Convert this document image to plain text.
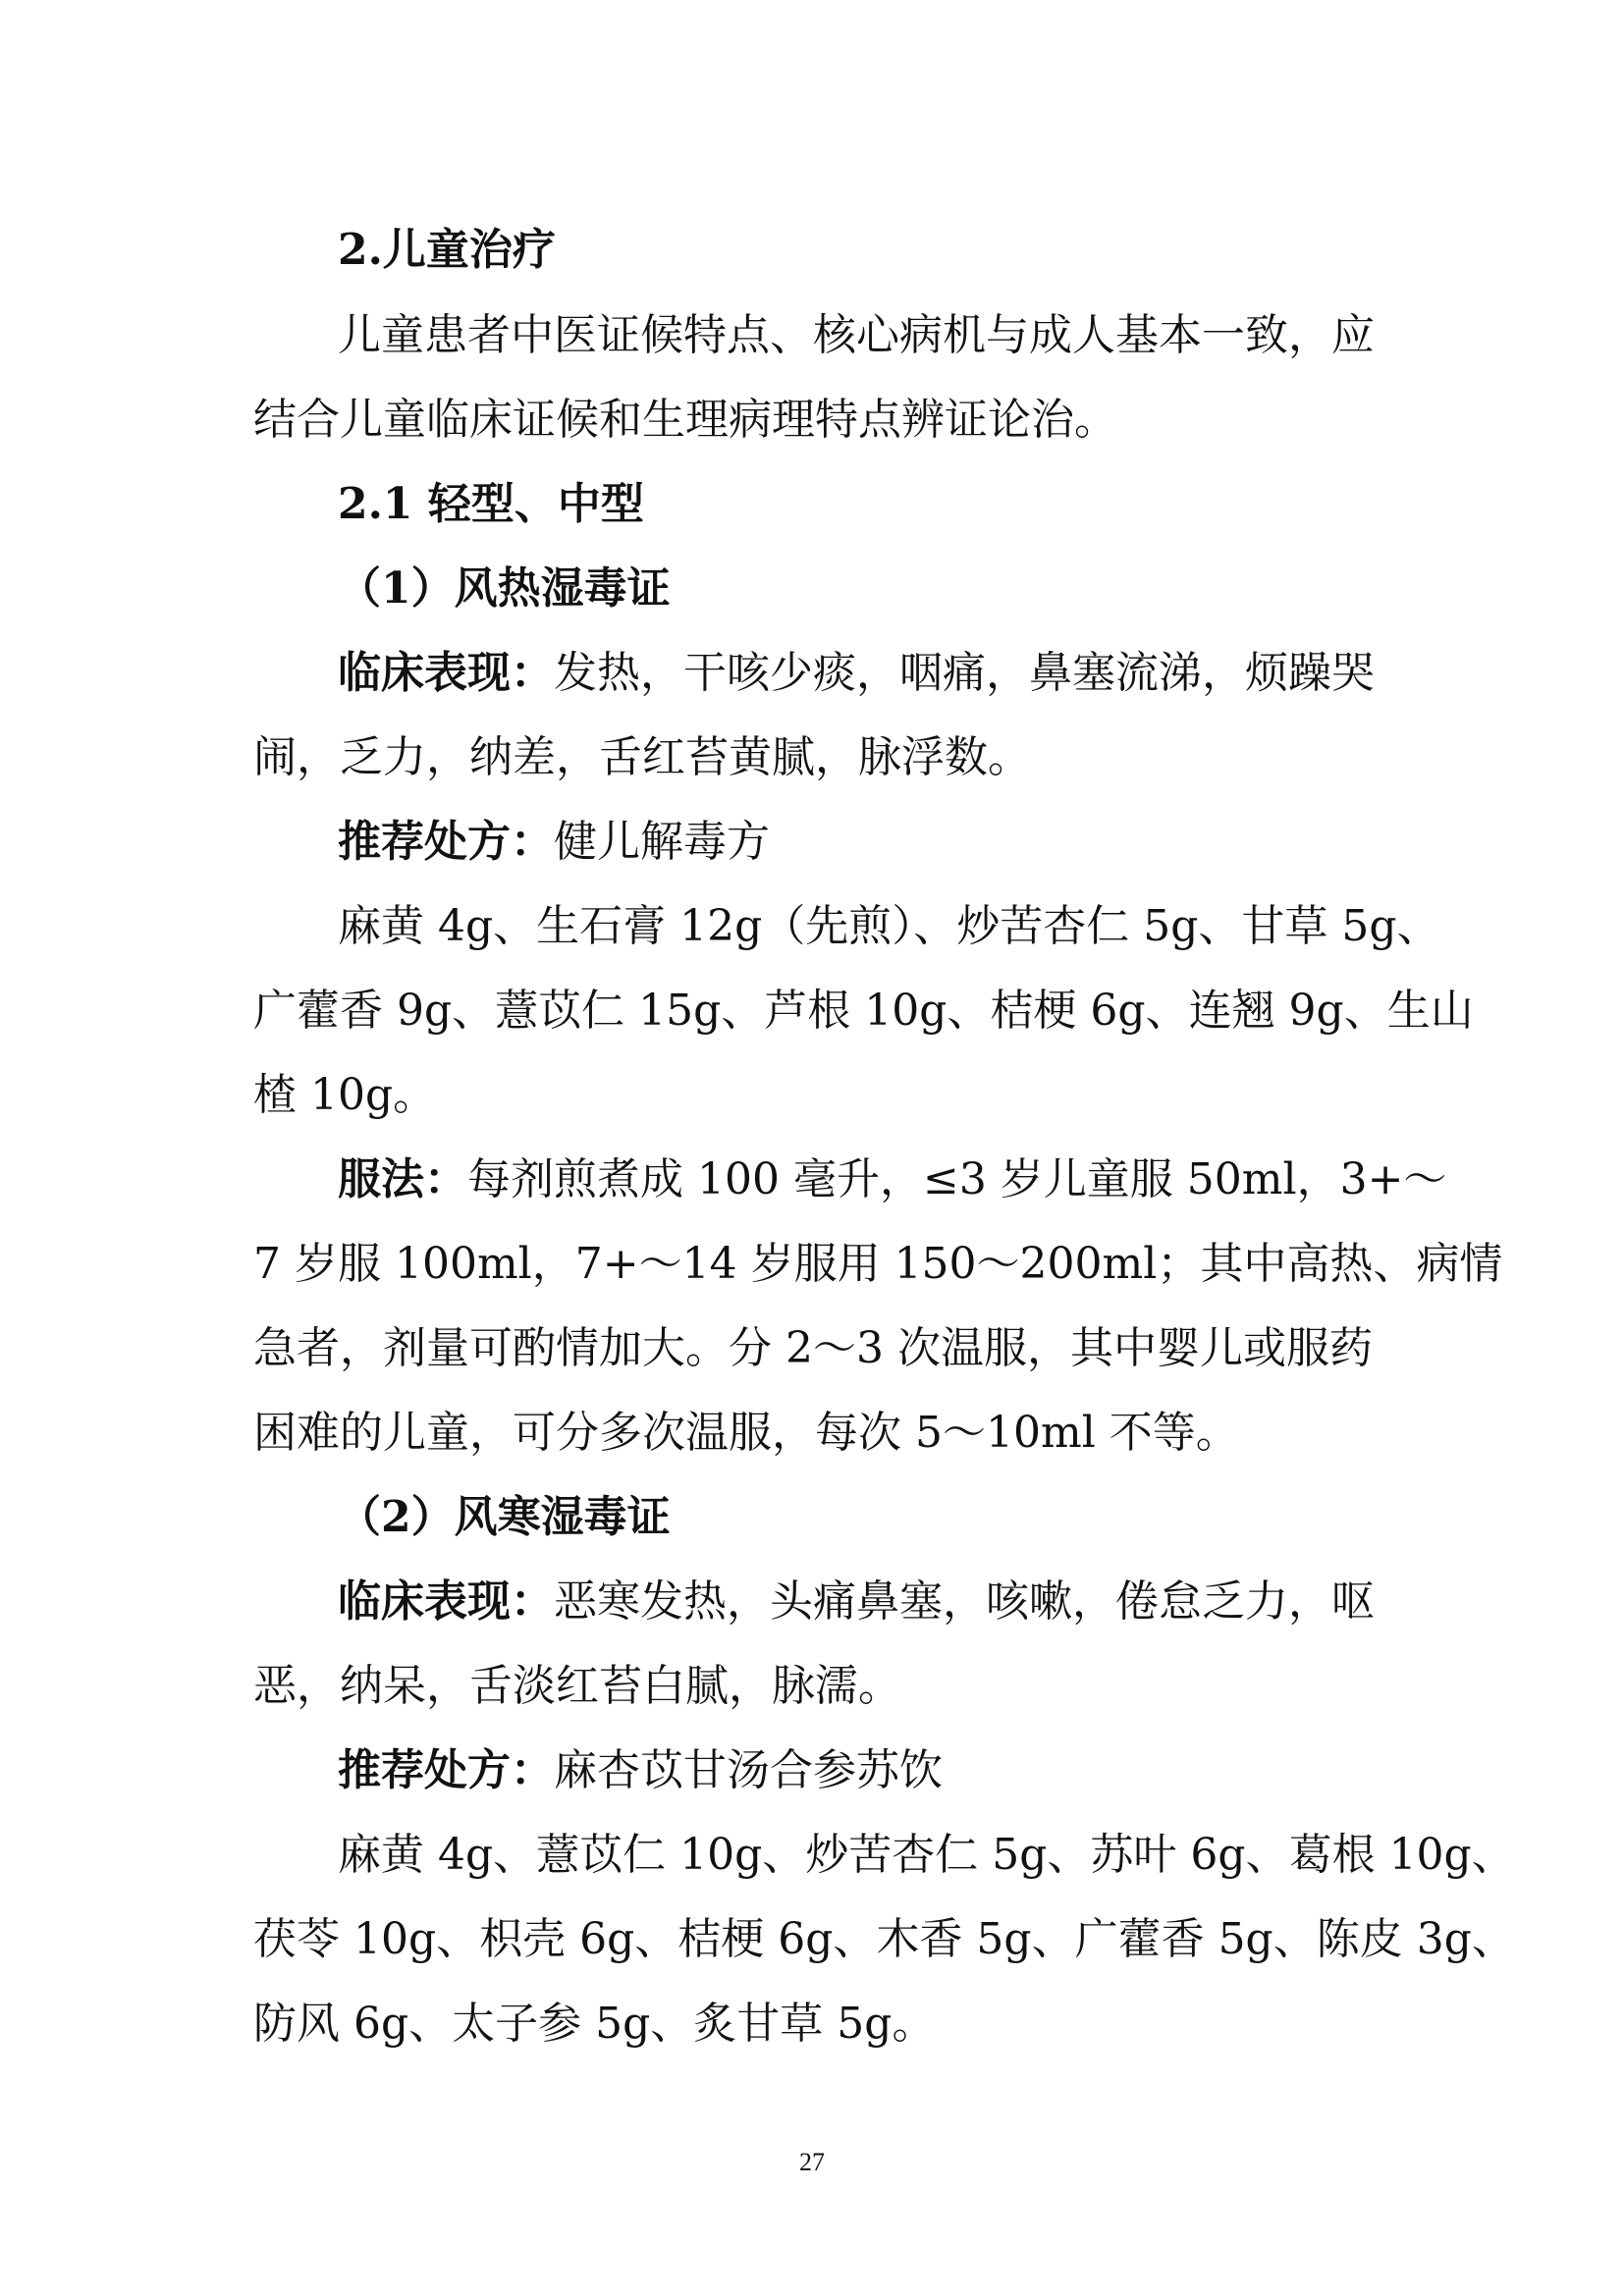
2.儿童治疗
儿童患者中医证候特点、核心病机与成人基本一致，应
结合儿童临床证候和生理病理特点辨证论治。
2.1 轻型、中型
（1）风热湿毒证
临床表现：发热，干咳少痰，咽痛，鼻塞流涕，烦躁哭
闹，乏力，纳差，舌红苔黄腻，脉浮数。
推荐处方：健儿解毒方
麻黄 4g、生石膏 12g（先煎）、炒苦杏仁 5g、甘草 5g、
广藿香 9g、薏苡仁 15g、芦根 10g、桔梗 6g、连翘 9g、生山
楂 10g。
服法：每剂煎煮成 100 毫升，≤3 岁儿童服 50ml，3+～
7 岁服 100ml，7+～14 岁服用 150～200ml；其中高热、病情
急者，剂量可酌情加大。分 2～3 次温服，其中婴儿或服药
困难的儿童，可分多次温服，每次 5～10ml 不等。
（2）风寒湿毒证
临床表现：恶寒发热，头痛鼻塞，咳嗽，倦怠乏力，呕
恶，纳呆，舌淡红苔白腻，脉濡。
推荐处方：麻杏苡甘汤合参苏饮
麻黄 4g、薏苡仁 10g、炒苦杏仁 5g、苏叶 6g、葛根 10g、
茯苓 10g、枳壳 6g、桔梗 6g、木香 5g、广藿香 5g、陈皮 3g、
防风 6g、太子参 5g、炙甘草 5g。
27
